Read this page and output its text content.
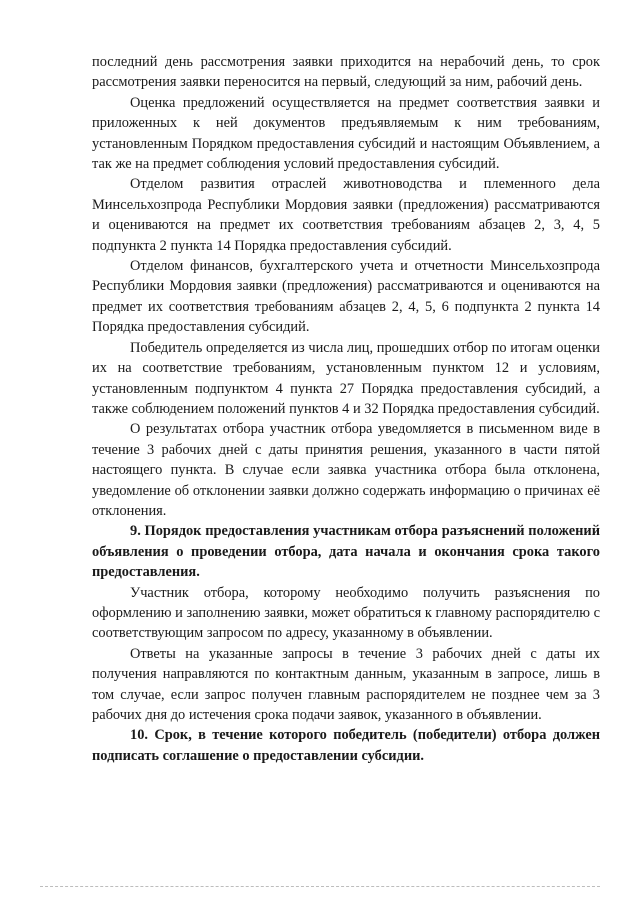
последний день рассмотрения заявки приходится на нерабочий день, то срок рассмотрения заявки переносится на первый, следующий за ним, рабочий день.

Оценка предложений осуществляется на предмет соответствия заявки и приложенных к ней документов предъявляемым к ним требованиям, установленным Порядком предоставления субсидий и настоящим Объявлением, а так же на предмет соблюдения условий предоставления субсидий.

Отделом развития отраслей животноводства и племенного дела Минсельхозпрода Республики Мордовия заявки (предложения) рассматриваются и оцениваются на предмет их соответствия требованиям абзацев 2, 3, 4, 5 подпункта 2 пункта 14 Порядка предоставления субсидий.

Отделом финансов, бухгалтерского учета и отчетности Минсельхозпрода Республики Мордовия заявки (предложения) рассматриваются и оцениваются на предмет их соответствия требованиям абзацев 2, 4, 5, 6 подпункта 2 пункта 14 Порядка предоставления субсидий.

Победитель определяется из числа лиц, прошедших отбор по итогам оценки их на соответствие требованиям, установленным пунктом 12 и условиям, установленным подпунктом 4 пункта 27 Порядка предоставления субсидий, а также соблюдением положений пунктов 4 и 32 Порядка предоставления субсидий.

О результатах отбора участник отбора уведомляется в письменном виде в течение 3 рабочих дней с даты принятия решения, указанного в части пятой настоящего пункта. В случае если заявка участника отбора была отклонена, уведомление об отклонении заявки должно содержать информацию о причинах её отклонения.

9. Порядок предоставления участникам отбора разъяснений положений объявления о проведении отбора, дата начала и окончания срока такого предоставления.

Участник отбора, которому необходимо получить разъяснения по оформлению и заполнению заявки, может обратиться к главному распорядителю с соответствующим запросом по адресу, указанному в объявлении.

Ответы на указанные запросы в течение 3 рабочих дней с даты их получения направляются по контактным данным, указанным в запросе, лишь в том случае, если запрос получен главным распорядителем не позднее чем за 3 рабочих дня до истечения срока подачи заявок, указанного в объявлении.

10. Срок, в течение которого победитель (победители) отбора должен подписать соглашение о предоставлении субсидии.
